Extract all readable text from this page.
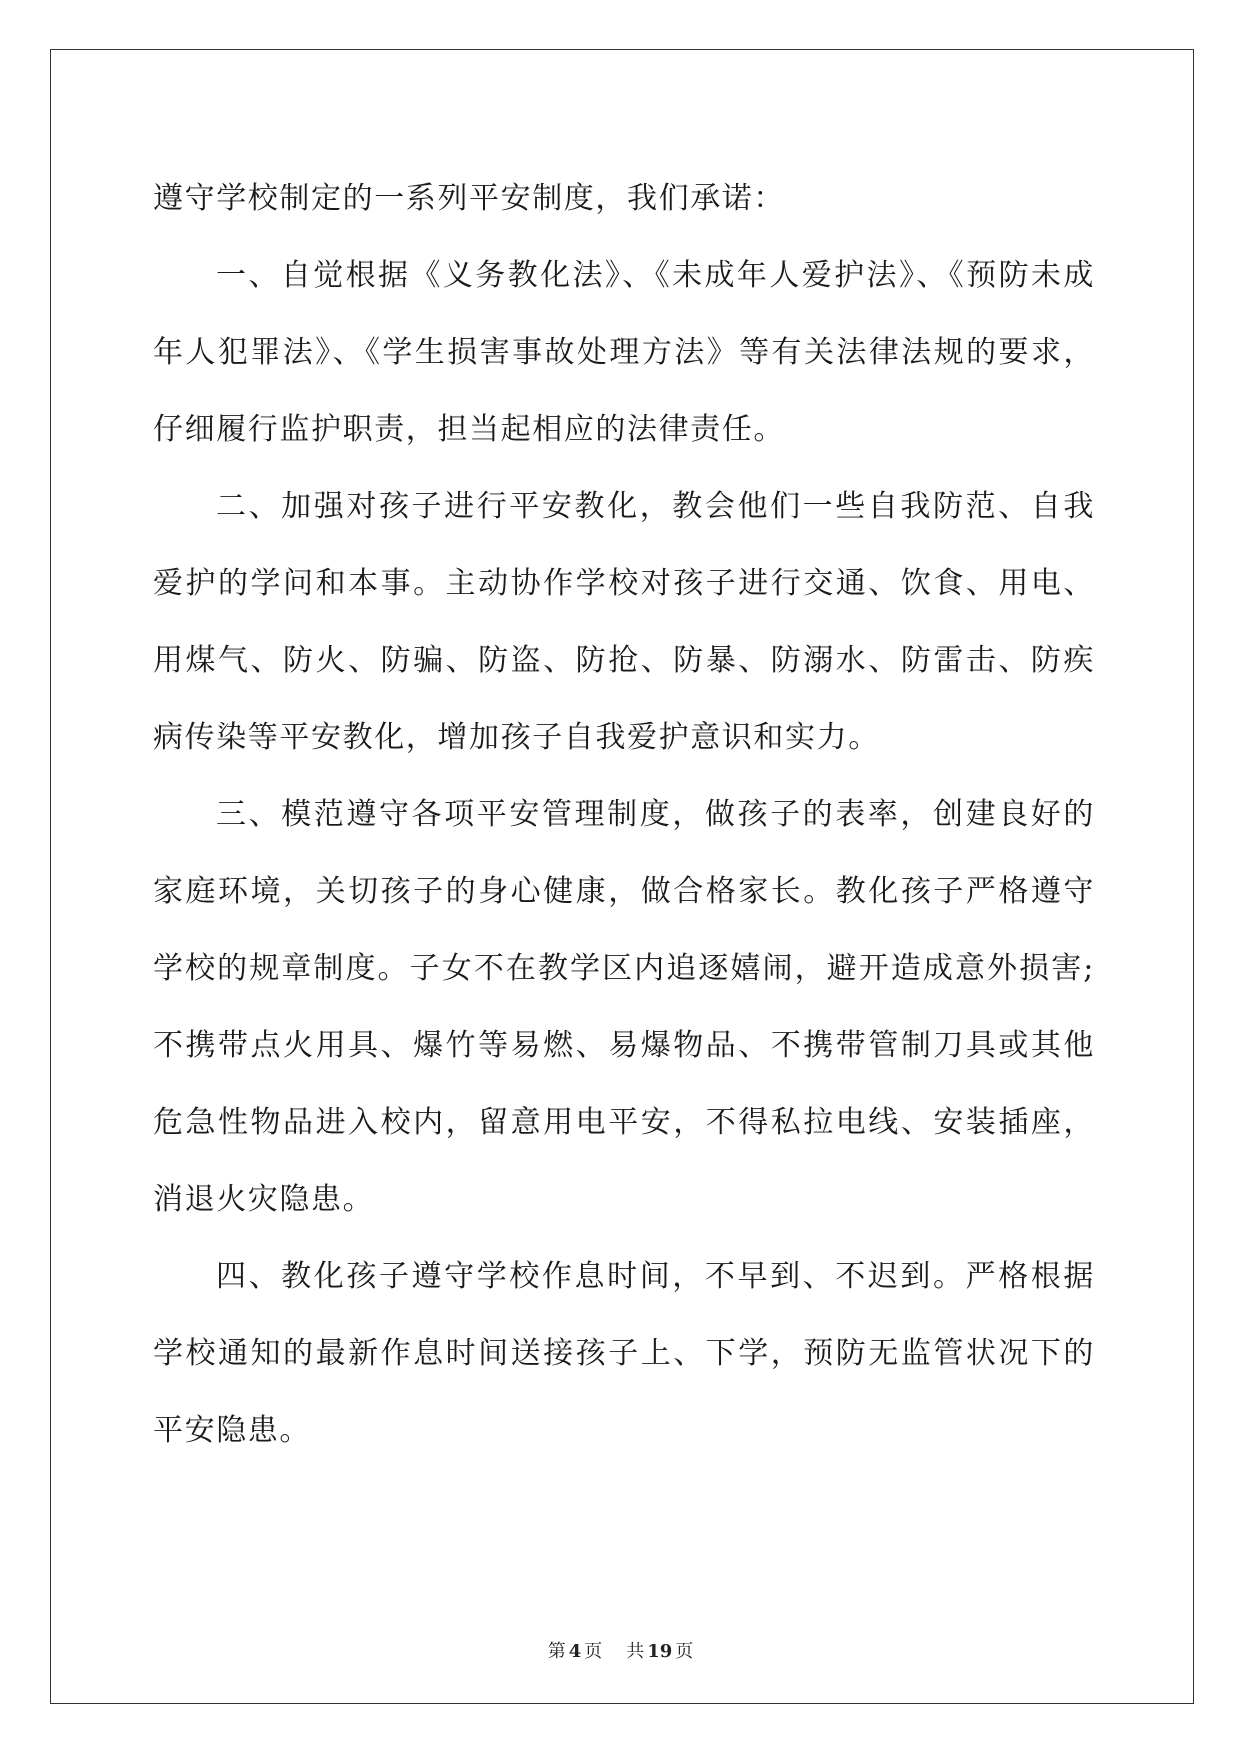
遵守学校制定的一系列平安制度，我们承诺：

一、自觉根据《义务教化法》、《未成年人爱护法》、《预防未成年人犯罪法》、《学生损害事故处理方法》等有关法律法规的要求，仔细履行监护职责，担当起相应的法律责任。

二、加强对孩子进行平安教化，教会他们一些自我防范、自我爱护的学问和本事。主动协作学校对孩子进行交通、饮食、用电、用煤气、防火、防骗、防盗、防抢、防暴、防溺水、防雷击、防疾病传染等平安教化，增加孩子自我爱护意识和实力。

三、模范遵守各项平安管理制度，做孩子的表率，创建良好的家庭环境，关切孩子的身心健康，做合格家长。教化孩子严格遵守学校的规章制度。子女不在教学区内追逐嬉闹，避开造成意外损害;不携带点火用具、爆竹等易燃、易爆物品、不携带管制刀具或其他危急性物品进入校内，留意用电平安，不得私拉电线、安装插座，消退火灾隐患。

四、教化孩子遵守学校作息时间，不早到、不迟到。严格根据学校通知的最新作息时间送接孩子上、下学，预防无监管状况下的平安隐患。

第 4 页 共 19 页
